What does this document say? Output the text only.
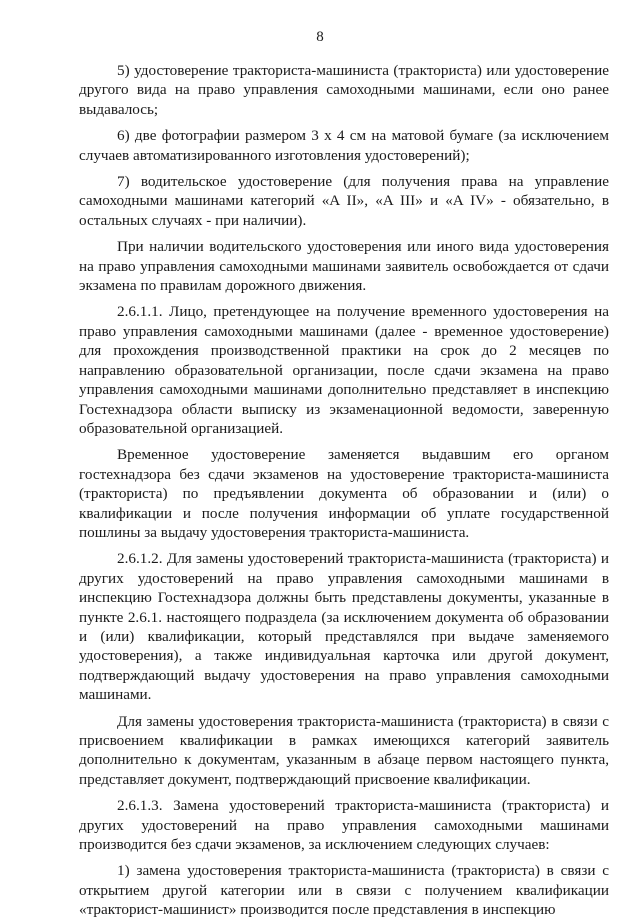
8

5) удостоверение тракториста-машиниста (тракториста) или удостоверение другого вида на право управления самоходными машинами, если оно ранее выдавалось;

6) две фотографии размером 3 х 4 см на матовой бумаге (за исключением случаев автоматизированного изготовления удостоверений);

7) водительское удостоверение (для получения права на управление самоходными машинами категорий «A II», «A III» и «A IV» - обязательно, в остальных случаях - при наличии).

При наличии водительского удостоверения или иного вида удостоверения на право управления самоходными машинами заявитель освобождается от сдачи экзамена по правилам дорожного движения.

2.6.1.1. Лицо, претендующее на получение временного удостоверения на право управления самоходными машинами (далее - временное удостоверение) для прохождения производственной практики на срок до 2 месяцев по направлению образовательной организации, после сдачи экзамена на право управления самоходными машинами дополнительно представляет в инспекцию Гостехнадзора области выписку из экзаменационной ведомости, заверенную образовательной организацией.

Временное удостоверение заменяется выдавшим его органом гостехнадзора без сдачи экзаменов на удостоверение тракториста-машиниста (тракториста) по предъявлении документа об образовании и (или) о квалификации и после получения информации об уплате государственной пошлины за выдачу удостоверения тракториста-машиниста.

2.6.1.2. Для замены удостоверений тракториста-машиниста (тракториста) и других удостоверений на право управления самоходными машинами в инспекцию Гостехнадзора должны быть представлены документы, указанные в пункте 2.6.1. настоящего подраздела (за исключением документа об образовании и (или) квалификации, который представлялся при выдаче заменяемого удостоверения), а также индивидуальная карточка или другой документ, подтверждающий выдачу удостоверения на право управления самоходными машинами.

Для замены удостоверения тракториста-машиниста (тракториста) в связи с присвоением квалификации в рамках имеющихся категорий заявитель дополнительно к документам, указанным в абзаце первом настоящего пункта, представляет документ, подтверждающий присвоение квалификации.

2.6.1.3. Замена удостоверений тракториста-машиниста (тракториста) и других удостоверений на право управления самоходными машинами производится без сдачи экзаменов, за исключением следующих случаев:

1) замена удостоверения тракториста-машиниста (тракториста) в связи с открытием другой категории или в связи с получением квалификации «тракторист-машинист» производится после представления в инспекцию
